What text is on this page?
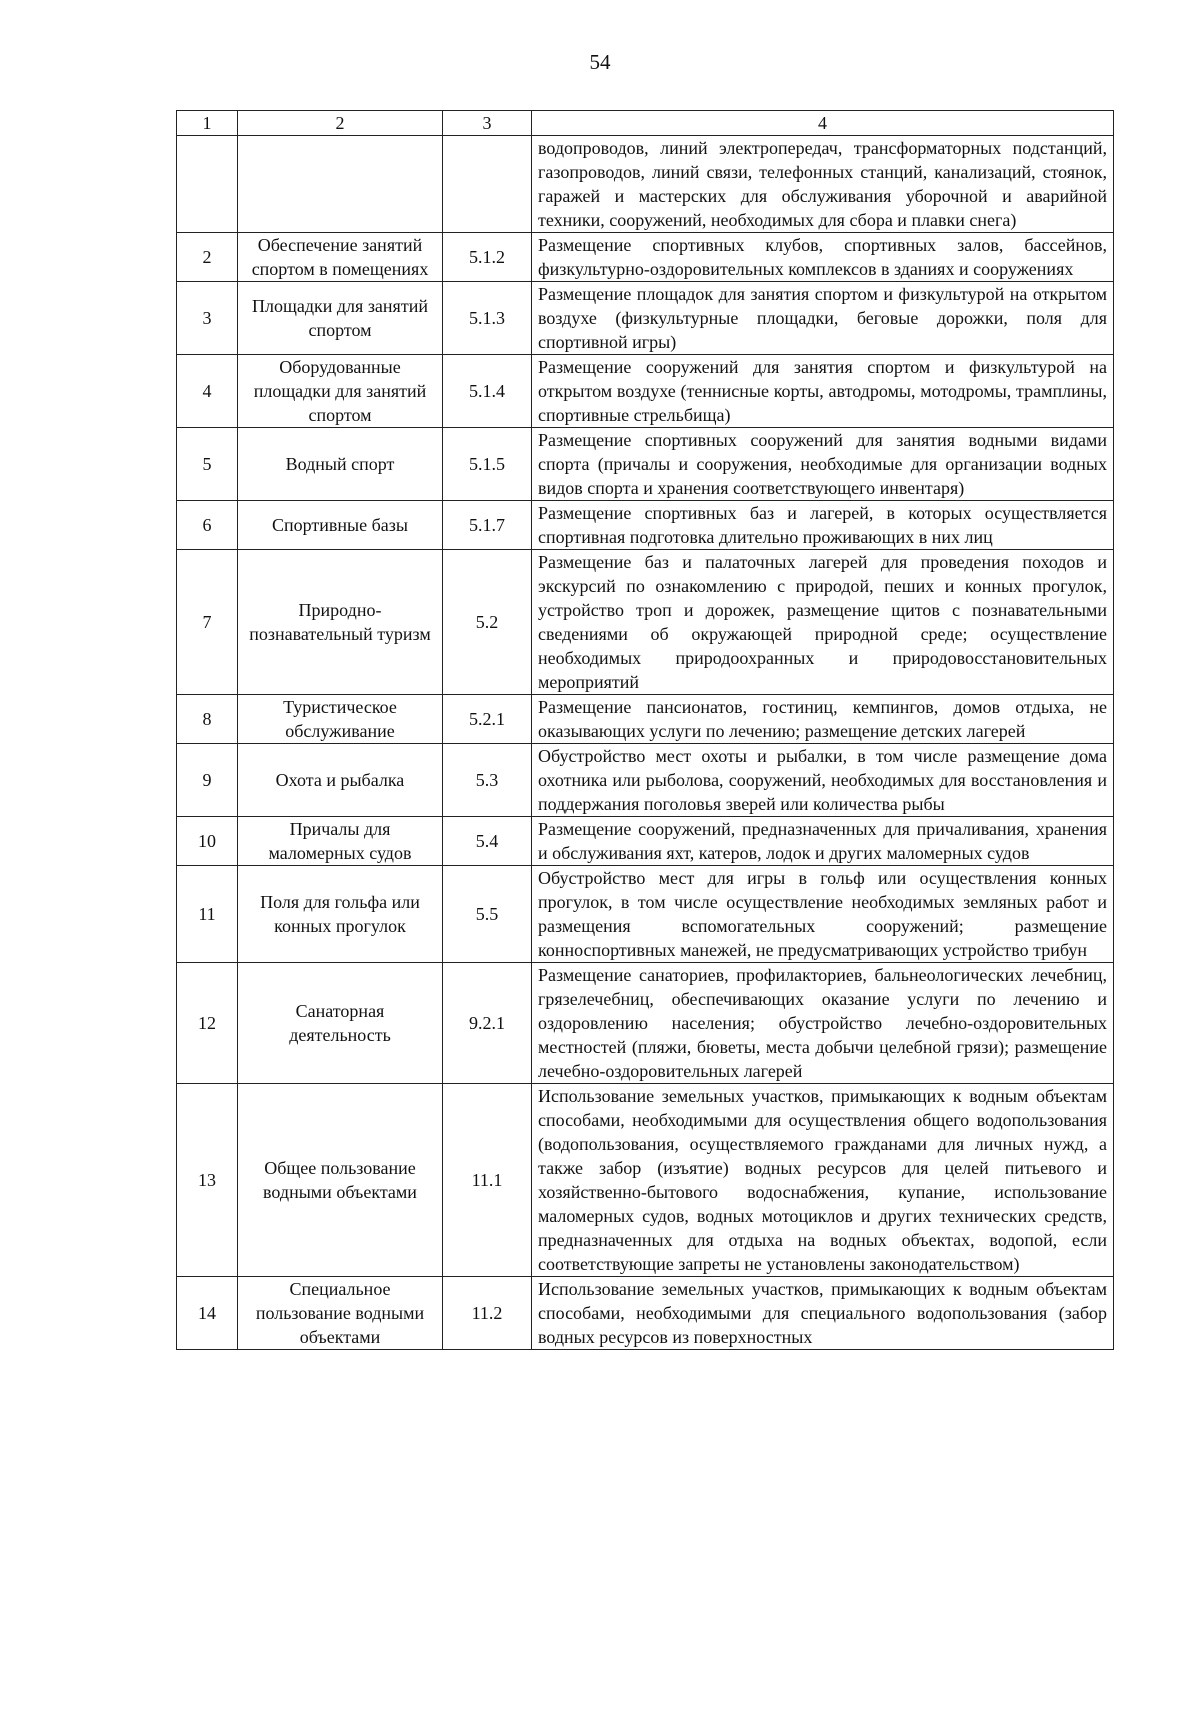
54
1	2	3	4
			водопроводов, линий электропередач, трансформаторных подстанций, газопроводов, линий связи, телефонных станций, канализаций, стоянок, гаражей и мастерских для обслуживания уборочной и аварийной техники, сооружений, необходимых для сбора и плавки снега)
2	Обеспечение занятий спортом в помещениях	5.1.2	Размещение спортивных клубов, спортивных залов, бассейнов, физкультурно-оздоровительных комплексов в зданиях и сооружениях
3	Площадки для занятий спортом	5.1.3	Размещение площадок для занятия спортом и физкультурой на открытом воздухе (физкультурные площадки, беговые дорожки, поля для спортивной игры)
4	Оборудованные площадки для занятий спортом	5.1.4	Размещение сооружений для занятия спортом и физкультурой на открытом воздухе (теннисные корты, автодромы, мотодромы, трамплины, спортивные стрельбища)
5	Водный спорт	5.1.5	Размещение спортивных сооружений для занятия водными видами спорта (причалы и сооружения, необходимые для организации водных видов спорта и хранения соответствующего инвентаря)
6	Спортивные базы	5.1.7	Размещение спортивных баз и лагерей, в которых осуществляется спортивная подготовка длительно проживающих в них лиц
7	Природно-познавательный туризм	5.2	Размещение баз и палаточных лагерей для проведения походов и экскурсий по ознакомлению с природой, пеших и конных прогулок, устройство троп и дорожек, размещение щитов с познавательными сведениями об окружающей природной среде; осуществление необходимых природоохранных и природовосстановительных мероприятий
8	Туристическое обслуживание	5.2.1	Размещение пансионатов, гостиниц, кемпингов, домов отдыха, не оказывающих услуги по лечению; размещение детских лагерей
9	Охота и рыбалка	5.3	Обустройство мест охоты и рыбалки, в том числе размещение дома охотника или рыболова, сооружений, необходимых для восстановления и поддержания поголовья зверей или количества рыбы
10	Причалы для маломерных судов	5.4	Размещение сооружений, предназначенных для причаливания, хранения и обслуживания яхт, катеров, лодок и других маломерных судов
11	Поля для гольфа или конных прогулок	5.5	Обустройство мест для игры в гольф или осуществления конных прогулок, в том числе осуществление необходимых земляных работ и размещения вспомогательных сооружений; размещение конноспортивных манежей, не предусматривающих устройство трибун
12	Санаторная деятельность	9.2.1	Размещение санаториев, профилакториев, бальнеологических лечебниц, грязелечебниц, обеспечивающих оказание услуги по лечению и оздоровлению населения; обустройство лечебно-оздоровительных местностей (пляжи, бюветы, места добычи целебной грязи); размещение лечебно-оздоровительных лагерей
13	Общее пользование водными объектами	11.1	Использование земельных участков, примыкающих к водным объектам способами, необходимыми для осуществления общего водопользования (водопользования, осуществляемого гражданами для личных нужд, а также забор (изъятие) водных ресурсов для целей питьевого и хозяйственно-бытового водоснабжения, купание, использование маломерных судов, водных мотоциклов и других технических средств, предназначенных для отдыха на водных объектах, водопой, если соответствующие запреты не установлены законодательством)
14	Специальное пользование водными объектами	11.2	Использование земельных участков, примыкающих к водным объектам способами, необходимыми для специального водопользования (забор водных ресурсов из поверхностных
